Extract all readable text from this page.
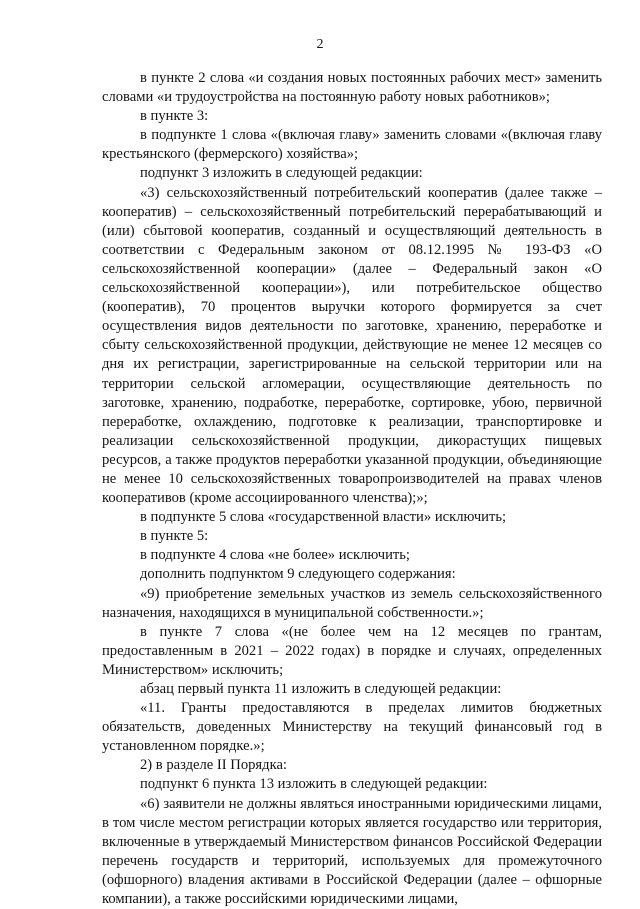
2

в пункте 2 слова «и создания новых постоянных рабочих мест» заменить словами «и трудоустройства на постоянную работу новых работников»;

в пункте 3:

в подпункте 1 слова «(включая главу» заменить словами «(включая главу крестьянского (фермерского) хозяйства»;

подпункт 3 изложить в следующей редакции:

«3) сельскохозяйственный потребительский кооператив (далее также – кооператив) – сельскохозяйственный потребительский перерабатывающий и (или) сбытовой кооператив, созданный и осуществляющий деятельность в соответствии с Федеральным законом от 08.12.1995 № 193-ФЗ «О сельскохозяйственной кооперации» (далее – Федеральный закон «О сельскохозяйственной кооперации»), или потребительское общество (кооператив), 70 процентов выручки которого формируется за счет осуществления видов деятельности по заготовке, хранению, переработке и сбыту сельскохозяйственной продукции, действующие не менее 12 месяцев со дня их регистрации, зарегистрированные на сельской территории или на территории сельской агломерации, осуществляющие деятельность по заготовке, хранению, подработке, переработке, сортировке, убою, первичной переработке, охлаждению, подготовке к реализации, транспортировке и реализации сельскохозяйственной продукции, дикорастущих пищевых ресурсов, а также продуктов переработки указанной продукции, объединяющие не менее 10 сельскохозяйственных товаропроизводителей на правах членов кооперативов (кроме ассоциированного членства);»;

в подпункте 5 слова «государственной власти» исключить;

в пункте 5:

в подпункте 4 слова «не более» исключить;

дополнить подпунктом 9 следующего содержания:

«9) приобретение земельных участков из земель сельскохозяйственного назначения, находящихся в муниципальной собственности.»;

в пункте 7 слова «(не более чем на 12 месяцев по грантам, предоставленным в 2021 – 2022 годах) в порядке и случаях, определенных Министерством» исключить;

абзац первый пункта 11 изложить в следующей редакции:

«11. Гранты предоставляются в пределах лимитов бюджетных обязательств, доведенных Министерству на текущий финансовый год в установленном порядке.»;

2) в разделе II Порядка:

подпункт 6 пункта 13 изложить в следующей редакции:

«6) заявители не должны являться иностранными юридическими лицами, в том числе местом регистрации которых является государство или территория, включенные в утверждаемый Министерством финансов Российской Федерации перечень государств и территорий, используемых для промежуточного (офшорного) владения активами в Российской Федерации (далее – офшорные компании), а также российскими юридическими лицами,
